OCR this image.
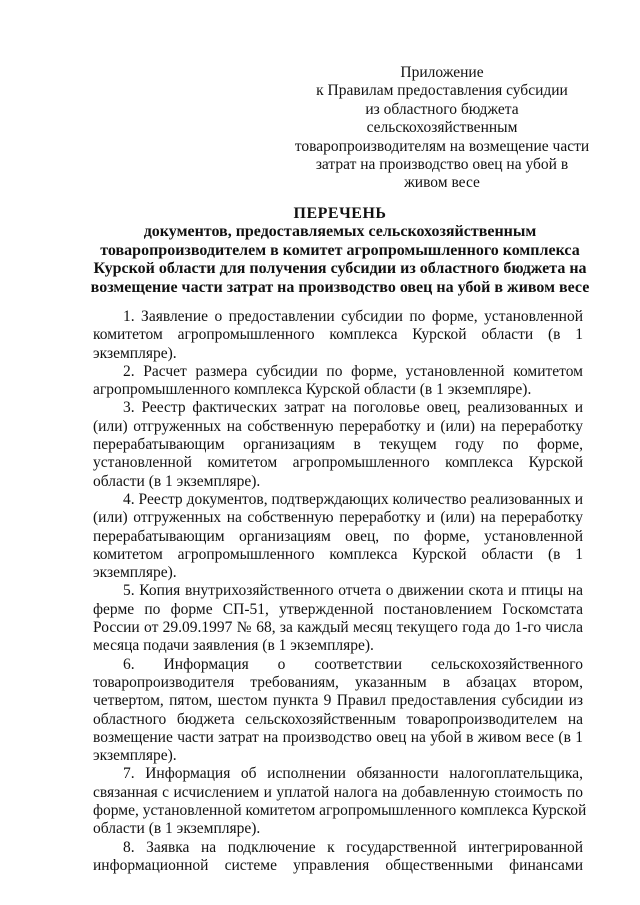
Приложение
к Правилам предоставления субсидии
из областного бюджета
сельскохозяйственным
товаропроизводителям на возмещение части
затрат на производство овец на убой в
живом весе
ПЕРЕЧЕНЬ
документов, предоставляемых сельскохозяйственным
товаропроизводителем в комитет агропромышленного комплекса
Курской области для получения субсидии из областного бюджета на
возмещение части затрат на производство овец на убой в живом весе
1. Заявление о предоставлении субсидии по форме, установленной
комитетом агропромышленного комплекса Курской области (в 1
экземпляре).
2. Расчет размера субсидии по форме, установленной комитетом
агропромышленного комплекса Курской области (в 1 экземпляре).
3. Реестр фактических затрат на поголовье овец, реализованных и
(или) отгруженных на собственную переработку и (или) на переработку
перерабатывающим организациям в текущем году по форме,
установленной комитетом агропромышленного комплекса Курской
области (в 1 экземпляре).
4. Реестр документов, подтверждающих количество реализованных и
(или) отгруженных на собственную переработку и (или) на переработку
перерабатывающим организациям овец, по форме, установленной
комитетом агропромышленного комплекса Курской области (в 1
экземпляре).
5. Копия внутрихозяйственного отчета о движении скота и птицы на
ферме по форме СП-51, утвержденной постановлением Госкомстата
России от 29.09.1997 № 68, за каждый месяц текущего года до 1-го числа
месяца подачи заявления (в 1 экземпляре).
6. Информация о соответствии сельскохозяйственного
товаропроизводителя требованиям, указанным в абзацах втором,
четвертом, пятом, шестом пункта 9 Правил предоставления субсидии из
областного бюджета сельскохозяйственным товаропроизводителем на
возмещение части затрат на производство овец на убой в живом весе (в 1
экземпляре).
7. Информация об исполнении обязанности налогоплательщика,
связанная с исчислением и уплатой налога на добавленную стоимость по
форме, установленной комитетом агропромышленного комплекса Курской
области (в 1 экземпляре).
8. Заявка на подключение к государственной интегрированной
информационной системе управления общественными финансами
